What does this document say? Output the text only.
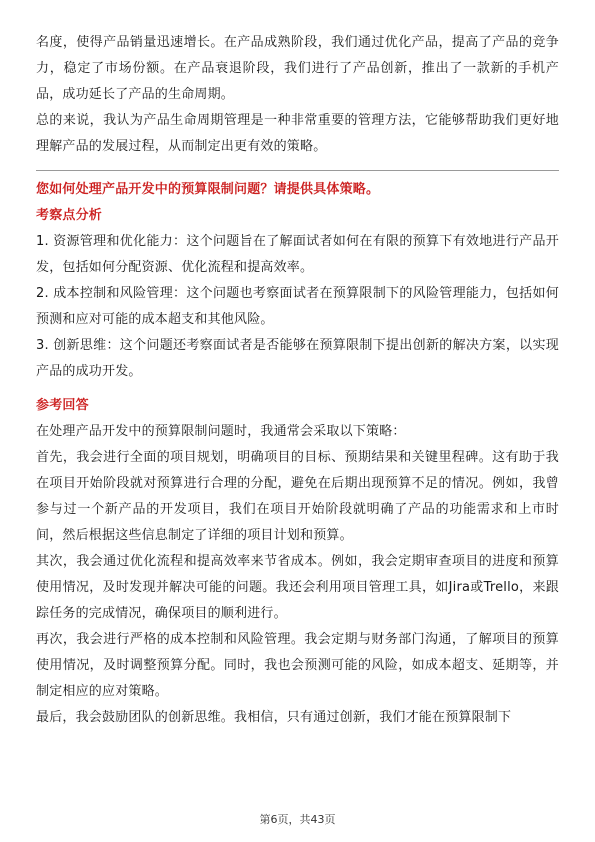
名度，使得产品销量迅速增长。在产品成熟阶段，我们通过优化产品，提高了产品的竞争力，稳定了市场份额。在产品衰退阶段，我们进行了产品创新，推出了一款新的手机产品，成功延长了产品的生命周期。

总的来说，我认为产品生命周期管理是一种非常重要的管理方法，它能够帮助我们更好地理解产品的发展过程，从而制定出更有效的策略。

您如何处理产品开发中的预算限制问题？请提供具体策略。

考察点分析

1. 资源管理和优化能力：这个问题旨在了解面试者如何在有限的预算下有效地进行产品开发，包括如何分配资源、优化流程和提高效率。

2. 成本控制和风险管理：这个问题也考察面试者在预算限制下的风险管理能力，包括如何预测和应对可能的成本超支和其他风险。

3. 创新思维：这个问题还考察面试者是否能够在预算限制下提出创新的解决方案，以实现产品的成功开发。

参考回答

在处理产品开发中的预算限制问题时，我通常会采取以下策略：

首先，我会进行全面的项目规划，明确项目的目标、预期结果和关键里程碑。这有助于我在项目开始阶段就对预算进行合理的分配，避免在后期出现预算不足的情况。例如，我曾参与过一个新产品的开发项目，我们在项目开始阶段就明确了产品的功能需求和上市时间，然后根据这些信息制定了详细的项目计划和预算。

其次，我会通过优化流程和提高效率来节省成本。例如，我会定期审查项目的进度和预算使用情况，及时发现并解决可能的问题。我还会利用项目管理工具，如Jira或Trello，来跟踪任务的完成情况，确保项目的顺利进行。

再次，我会进行严格的成本控制和风险管理。我会定期与财务部门沟通，了解项目的预算使用情况，及时调整预算分配。同时，我也会预测可能的风险，如成本超支、延期等，并制定相应的应对策略。

最后，我会鼓励团队的创新思维。我相信，只有通过创新，我们才能在预算限制下

第6页，共43页
